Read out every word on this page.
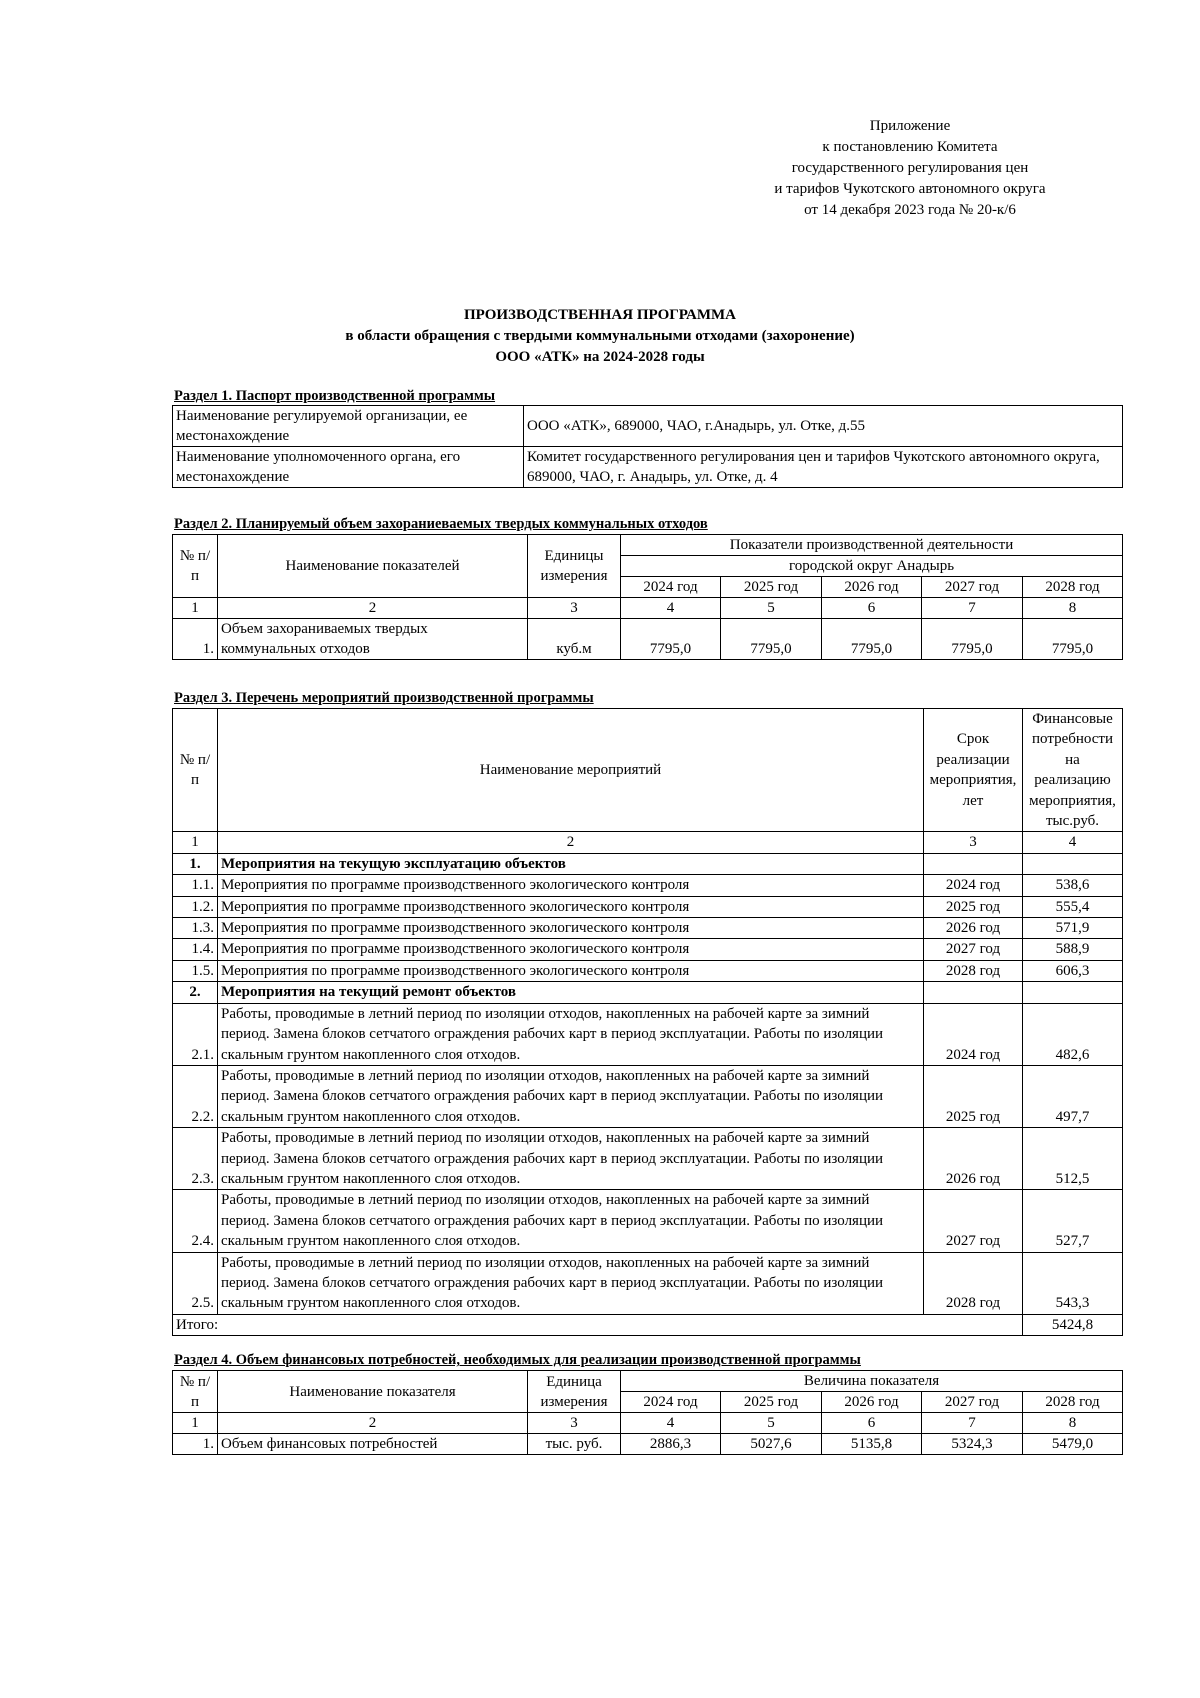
Приложение
к постановлению Комитета
государственного регулирования цен
и тарифов Чукотского автономного округа
от 14 декабря 2023 года № 20-к/6
ПРОИЗВОДСТВЕННАЯ ПРОГРАММА
в области обращения с твердыми коммунальными отходами (захоронение)
ООО «АТК» на 2024-2028 годы
Раздел 1. Паспорт производственной программы
Наименование регулируемой организации, ее местонахождение	ООО «АТК», 689000, ЧАО, г.Анадырь, ул. Отке, д.55
Наименование уполномоченного органа, его местонахождение	Комитет государственного регулирования цен и тарифов Чукотского автономного округа, 689000, ЧАО, г. Анадырь, ул. Отке, д. 4
Раздел 2. Планируемый объем захораниеваемых твердых коммунальных отходов
№ п/п	Наименование показателей	Единицы измерения	Показатели производственной деятельности				
			городской округ Анадырь				
			2024 год	2025 год	2026 год	2027 год	2028 год
1	2	3	4	5	6	7	8
1.	Объем захораниваемых твердых коммунальных отходов	куб.м	7795,0	7795,0	7795,0	7795,0	7795,0
Раздел 3. Перечень мероприятий производственной программы
№ п/п	Наименование мероприятий	Срок реализации мероприятия, лет	Финансовые потребности на реализацию мероприятия, тыс.руб.
1	2	3	4
1.	Мероприятия на текущую эксплуатацию объектов		
1.1.	Мероприятия по программе производственного экологического контроля	2024 год	538,6
1.2.	Мероприятия по программе производственного экологического контроля	2025 год	555,4
1.3.	Мероприятия по программе производственного экологического контроля	2026 год	571,9
1.4.	Мероприятия по программе производственного экологического контроля	2027 год	588,9
1.5.	Мероприятия по программе производственного экологического контроля	2028 год	606,3
2.	Мероприятия на текущий ремонт объектов		
2.1.	Работы, проводимые в летний период по изоляции отходов, накопленных на рабочей карте за зимний период. Замена блоков сетчатого ограждения рабочих карт в период эксплуатации. Работы по изоляции скальным грунтом накопленного слоя отходов.	2024 год	482,6
2.2.	Работы, проводимые в летний период по изоляции отходов, накопленных на рабочей карте за зимний период. Замена блоков сетчатого ограждения рабочих карт в период эксплуатации. Работы по изоляции скальным грунтом накопленного слоя отходов.	2025 год	497,7
2.3.	Работы, проводимые в летний период по изоляции отходов, накопленных на рабочей карте за зимний период. Замена блоков сетчатого ограждения рабочих карт в период эксплуатации. Работы по изоляции скальным грунтом накопленного слоя отходов.	2026 год	512,5
2.4.	Работы, проводимые в летний период по изоляции отходов, накопленных на рабочей карте за зимний период. Замена блоков сетчатого ограждения рабочих карт в период эксплуатации. Работы по изоляции скальным грунтом накопленного слоя отходов.	2027 год	527,7
2.5.	Работы, проводимые в летний период по изоляции отходов, накопленных на рабочей карте за зимний период. Замена блоков сетчатого ограждения рабочих карт в период эксплуатации. Работы по изоляции скальным грунтом накопленного слоя отходов.	2028 год	543,3
Итого:			5424,8
Раздел 4. Объем финансовых потребностей, необходимых для реализации производственной программы
№ п/п	Наименование показателя	Единица измерения	Величина показателя				
			2024 год	2025 год	2026 год	2027 год	2028 год
1	2	3	4	5	6	7	8
1.	Объем финансовых потребностей	тыс. руб.	2886,3	5027,6	5135,8	5324,3	5479,0
